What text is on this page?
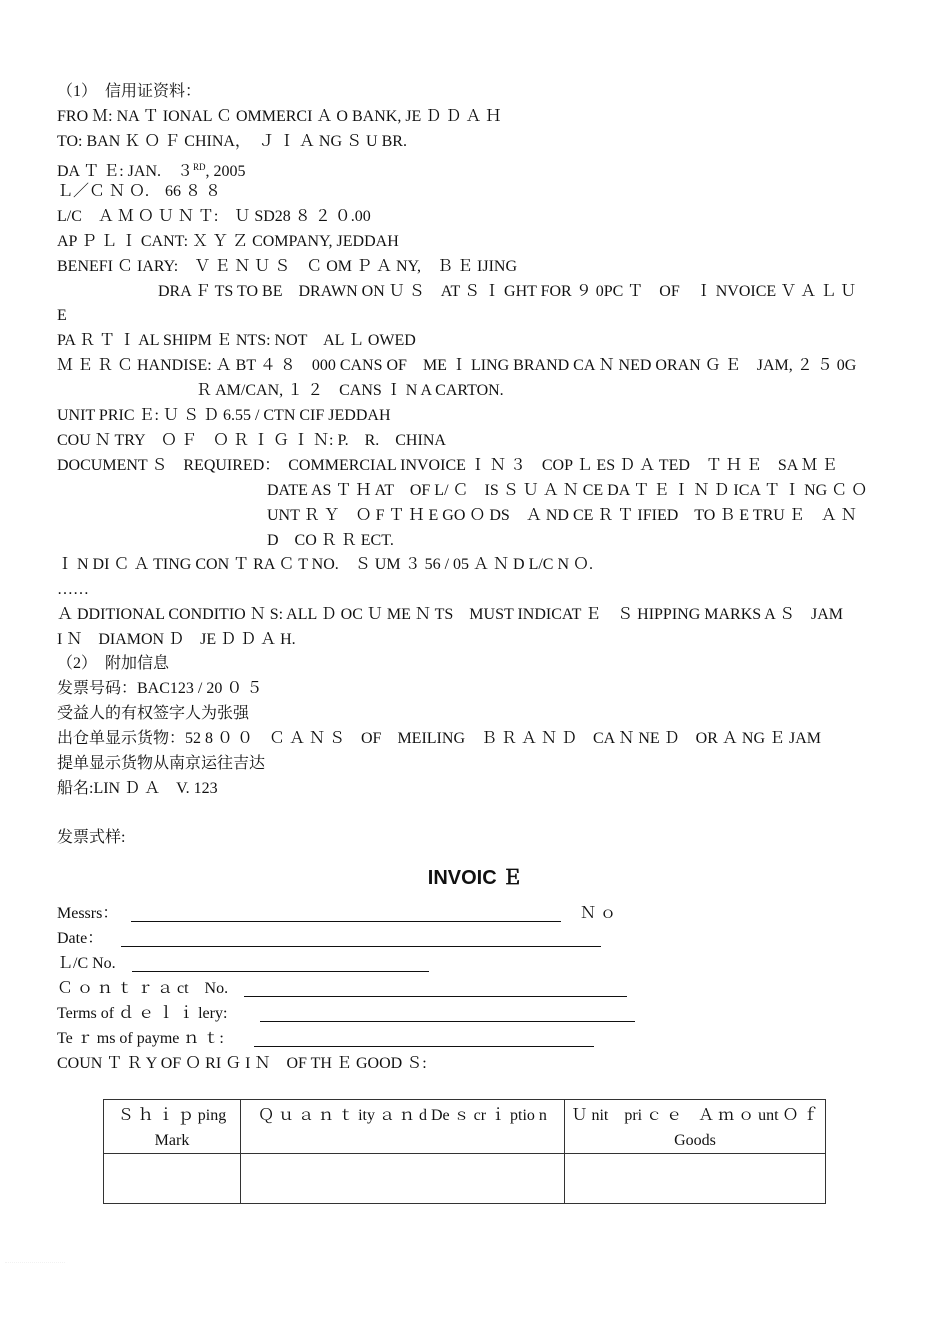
（1）　信用证资料：
FRO Ｍ: NA Ｔ IONAL Ｃ OMMERCI Ａ O BANK, JE Ｄ Ｄ Ａ Ｈ
TO: BAN Ｋ Ｏ Ｆ CHINA，　Ｊ Ｉ Ａ NG Ｓ U BR.
DA Ｔ Ｅ: JAN.　３RD, 2005
Ｌ／Ｃ Ｎ Ｏ.　66 ８ ８
L/C　Ａ Ｍ Ｏ Ｕ Ｎ Ｔ:　Ｕ SD28 ８ ２ ０.00
AP Ｐ Ｌ Ｉ CANT: Ｘ Ｙ Ｚ COMPANY, JEDDAH
BENEFI Ｃ IARY:　Ｖ Ｅ Ｎ Ｕ Ｓ　Ｃ OM Ｐ Ａ NY,　Ｂ Ｅ IJING
DRA Ｆ TS TO BE　DRAWN ON Ｕ Ｓ　AT Ｓ Ｉ GHT FOR ９ 0PC Ｔ　OF　Ｉ NVOICE Ｖ Ａ Ｌ Ｕ
E
PA Ｒ Ｔ Ｉ AL SHIPM Ｅ NTS: NOT　AL Ｌ OWED
Ｍ Ｅ Ｒ Ｃ HANDISE: Ａ BT ４ ８　000 CANS OF　ME Ｉ LING BRAND CA Ｎ NED ORAN Ｇ Ｅ　JAM, ２ ５ 0G
Ｒ AM/CAN, １ ２　CANS Ｉ N A CARTON.
UNIT PRIC Ｅ: Ｕ Ｓ Ｄ 6.55 / CTN CIF JEDDAH
COU Ｎ TRY　Ｏ Ｆ　Ｏ Ｒ Ｉ Ｇ Ｉ Ｎ: P.　R.　CHINA
DOCUMENT Ｓ　REQUIRED：　COMMERCIAL INVOICE Ｉ Ｎ ３　COP Ｌ ES Ｄ Ａ TED　Ｔ Ｈ Ｅ　SA Ｍ Ｅ
DATE AS Ｔ Ｈ AT　OF L/ Ｃ　IS Ｓ Ｕ Ａ Ｎ CE DA Ｔ Ｅ Ｉ Ｎ Ｄ ICA Ｔ Ｉ NG Ｃ Ｏ
UNT Ｒ Ｙ　Ｏ F Ｔ Ｈ E GO Ｏ DS　Ａ ND CE Ｒ Ｔ IFIED　TO Ｂ E TRU Ｅ　Ａ Ｎ
D　CO Ｒ Ｒ ECT.
Ｉ N DI Ｃ Ａ TING CON Ｔ RA Ｃ T NO.　Ｓ UM ３ 56 / 05 Ａ Ｎ D L/C N Ｏ.
……
Ａ DDITIONAL CONDITIO Ｎ S: ALL Ｄ OC Ｕ ME Ｎ TS　MUST INDICAT Ｅ　Ｓ HIPPING MARKS A Ｓ　JAM
I Ｎ　DIAMON Ｄ　JE Ｄ Ｄ Ａ H.
（2）　附加信息
发票号码：BAC123 / 20 ０ ５
受益人的有权签字人为张强
出仓单显示货物：52 8 ０ ０　Ｃ Ａ Ｎ Ｓ　OF　MEILING　Ｂ Ｒ Ａ Ｎ Ｄ　CA Ｎ NE Ｄ　OR Ａ NG Ｅ JAM
提单显示货物从南京运往吉达
船名:LIN Ｄ Ａ　V. 123
发票式样:
INVOIC Ｅ
Messrs：	Ｎ ｏ
Date：
Ｌ/C No.
Ｃ ｏ ｎ ｔ ｒ ａ ct　No.
Terms of ｄ ｅ ｌ ｉ lery:
Te ｒ ms of payme ｎ ｔ:
COUN Ｔ Ｒ Y OF Ｏ RI Ｇ I Ｎ　OF TH Ｅ GOOD Ｓ:
Ｓ ｈ ｉ ｐ ping Mark	Ｑ ｕ ａ ｎ ｔ ity ａ ｎ d De ｓ cr ｉ ptio n	Ｕ nit　pri ｃ ｅ　Ａ ｍ ｏ unt Ｏ ｆ　Goods
